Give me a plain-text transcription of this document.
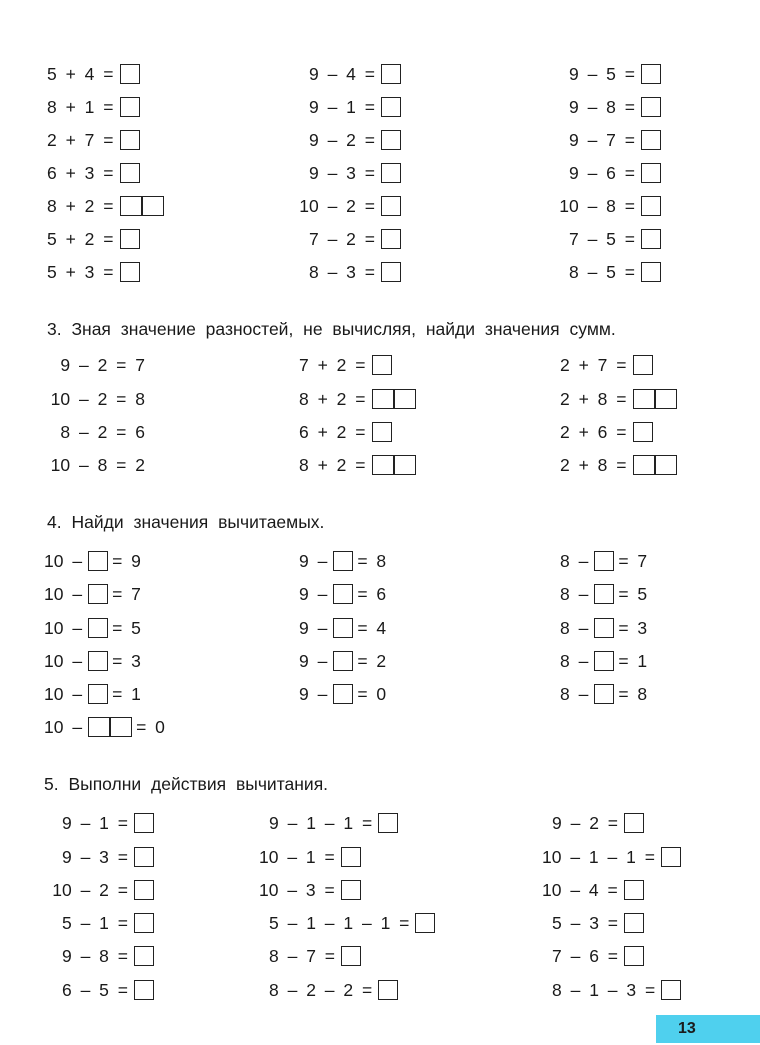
5 + 4 =
8 + 1 =
2 + 7 =
6 + 3 =
8 + 2 =
5 + 2 =
5 + 3 =
9 – 4 =
9 – 1 =
9 – 2 =
9 – 3 =
10 – 2 =
7 – 2 =
8 – 3 =
9 – 5 =
9 – 8 =
9 – 7 =
9 – 6 =
10 – 8 =
7 – 5 =
8 – 5 =
3. Зная значение разностей, не вычисляя, найди значения сумм.
9 – 2 = 7
10 – 2 = 8
8 – 2 = 6
10 – 8 = 2
7 + 2 =
8 + 2 =
6 + 2 =
8 + 2 =
2 + 7 =
2 + 8 =
2 + 6 =
2 + 8 =
4. Найди значения вычитаемых.
10 – = 9
10 – = 7
10 – = 5
10 – = 3
10 – = 1
10 –	= 0
9 – = 8
9 – = 6
9 – = 4
9 – = 2
9 – = 0
8 – = 7
8 – = 5
8 – = 3
8 – = 1
8 – = 8
5. Выполни действия вычитания.
9 – 1 =
9 – 3 =
10 – 2 =
5 – 1 =
9 – 8 =
6 – 5 =
9 – 1 – 1 =
10 – 1 =
10 – 3 =
5 – 1 – 1 – 1 =
8 – 7 =
8 – 2 – 2 =
9 – 2 =
10 – 1 – 1 =
10 – 4 =
5 – 3 =
7 – 6 =
8 – 1 – 3 =
13
